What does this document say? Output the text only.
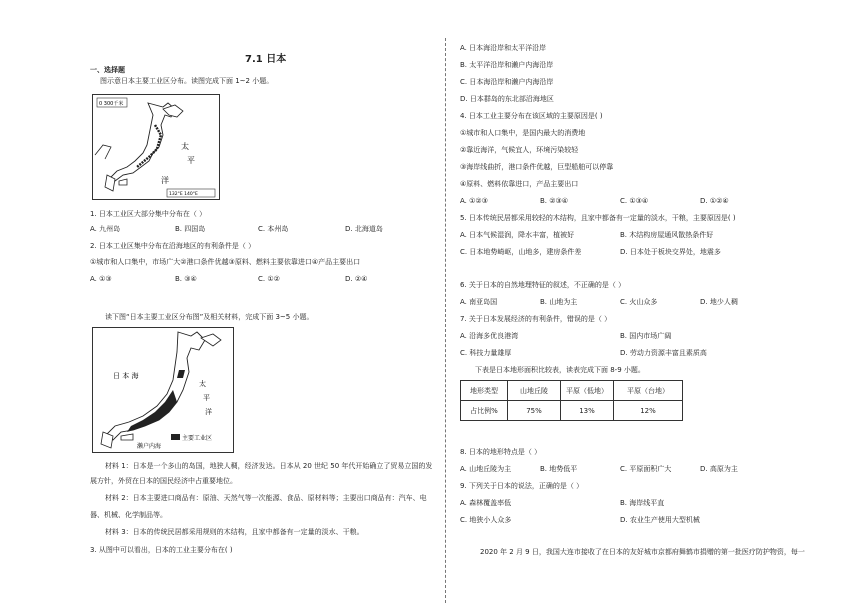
7.1 日本
一、选择题
图示意日本主要工业区分布。读图完成下面 1~2 小题。
0 300千米
132°E 140°E
太
平
洋
1. 日本工业区大部分集中分布在（ ）
A. 九州岛	B. 四国岛	C. 本州岛	D. 北海道岛
2. 日本工业区集中分布在沿海地区的有利条件是（ ）
①城市和人口集中，市场广大②港口条件优越③原料、燃料主要依靠进口④产品主要出口
A. ①③	B. ③④	C. ①②	D. ②④
读下图“日本主要工业区分布图”及相关材料，完成下面 3~5 小题。
日 本 海
太
平
洋
主要工业区
濑户内海
材料 1：日本是一个多山的岛国，地狭人稠，经济发达。日本从 20 世纪 50 年代开始确立了贸易立国的发
展方针，外贸在日本的国民经济中占重要地位。
材料 2：日本主要进口商品有：原油、天然气等一次能源、食品、原材料等；主要出口商品有：汽车、电
器、机械、化学制品等。
材料 3：日本的传统民居都采用规则的木结构，且家中都备有一定量的淡水、干粮。
3. 从图中可以看出，日本的工业主要分布在( )
A. 日本海沿岸和太平洋沿岸
B. 太平洋沿岸和濑户内海沿岸
C. 日本海沿岸和濑户内海沿岸
D. 日本群岛的东北部沿海地区
4. 日本工业主要分布在该区域的主要原因是( )
①城市和人口集中，是国内最大的消费地
②靠近海洋，气候宜人，环境污染较轻
③海岸线曲折，港口条件优越，巨型船舶可以停靠
④原料、燃料依靠进口，产品主要出口
A. ①②③	B. ②③④	C. ①③④	D. ①②④
5. 日本传统民居都采用较轻的木结构，且家中都备有一定量的淡水，干粮，主要原因是( )
A. 日本气候湿润，降水丰富，植被好	B. 木结构房屋通风散热条件好
C. 日本地势崎岖，山地多，建房条件差	D. 日本处于板块交界处，地震多
6. 关于日本的自然地理特征的叙述，不正确的是（ ）
A. 南亚岛国	B. 山地为主	C. 火山众多	D. 地少人稠
7. 关于日本发展经济的有利条件，错误的是（ ）
A. 沿海多优良港湾	B. 国内市场广阔
C. 科技力量雄厚	D. 劳动力资源丰富且素质高
下表是日本地形面积比较表，读表完成下面 8-9 小题。
地形类型	山地丘陵	平原（低地）	平原（台地）
占比例%	75%	13%	12%
8. 日本的地形特点是（ ）
A. 山地丘陵为主	B. 地势低平	C. 平原面积广大	D. 高原为主
9. 下列关于日本的说法，正确的是（ ）
A. 森林覆盖率低	B. 海岸线平直
C. 地狭小人众多	D. 农业生产使用大型机械
2020 年 2 月 9 日，我国大连市接收了在日本的友好城市京都府舞鹤市捐赠的第一批医疗防护物资，每一
